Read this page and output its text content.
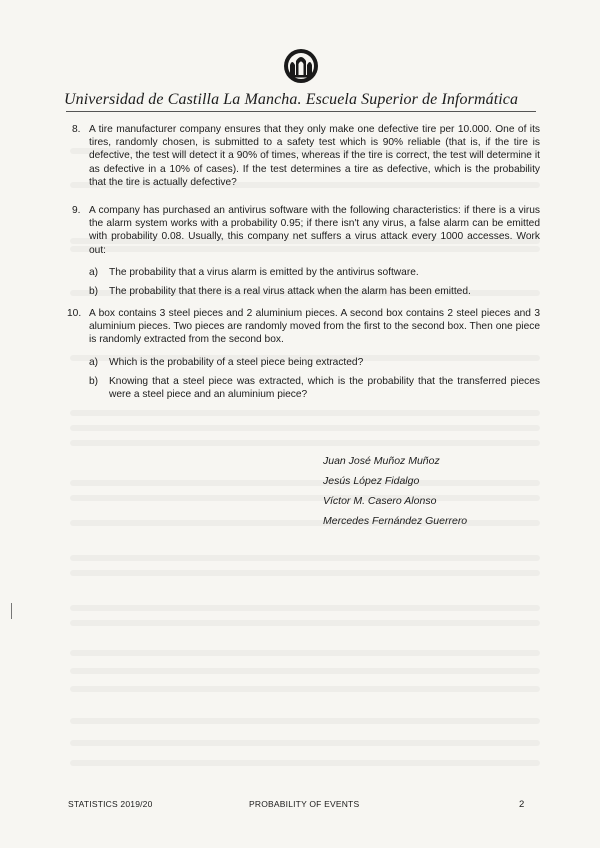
Universidad de Castilla La Mancha. Escuela Superior de Informática
8. A tire manufacturer company ensures that they only make one defective tire per 10.000. One of its tires, randomly chosen, is submitted to a safety test which is 90% reliable (that is, if the tire is defective, the test will detect it a 90% of times, whereas if the tire is correct, the test will determine it as defective in a 10% of cases). If the test determines a tire as defective, which is the probability that the tire is actually defective?
9. A company has purchased an antivirus software with the following characteristics: if there is a virus the alarm system works with a probability 0.95; if there isn't any virus, a false alarm can be emitted with probability 0.08. Usually, this company net suffers a virus attack every 1000 accesses. Work out:
a) The probability that a virus alarm is emitted by the antivirus software.
b) The probability that there is a real virus attack when the alarm has been emitted.
10. A box contains 3 steel pieces and 2 aluminium pieces. A second box contains 2 steel pieces and 3 aluminium pieces. Two pieces are randomly moved from the first to the second box. Then one piece is randomly extracted from the second box.
a) Which is the probability of a steel piece being extracted?
b) Knowing that a steel piece was extracted, which is the probability that the transferred pieces were a steel piece and an aluminium piece?
Juan José Muñoz Muñoz
Jesús López Fidalgo
Víctor M. Casero Alonso
Mercedes Fernández Guerrero
STATISTICS 2019/20	PROBABILITY OF EVENTS	2
